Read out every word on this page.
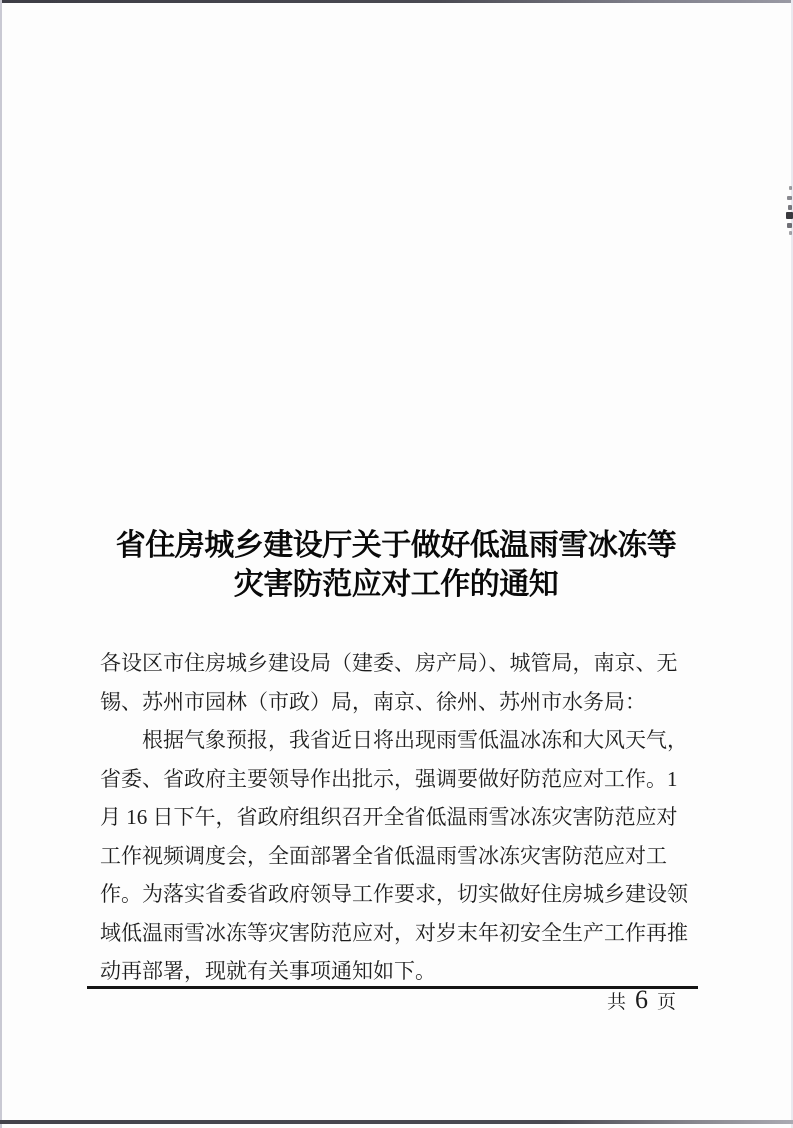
省住房城乡建设厅关于做好低温雨雪冰冻等
灾害防范应对工作的通知
各设区市住房城乡建设局（建委、房产局）、城管局，南京、无
锡、苏州市园林（市政）局，南京、徐州、苏州市水务局：
根据气象预报，我省近日将出现雨雪低温冰冻和大风天气，
省委、省政府主要领导作出批示，强调要做好防范应对工作。1
月 16 日下午，省政府组织召开全省低温雨雪冰冻灾害防范应对
工作视频调度会，全面部署全省低温雨雪冰冻灾害防范应对工
作。为落实省委省政府领导工作要求，切实做好住房城乡建设领
域低温雨雪冰冻等灾害防范应对，对岁末年初安全生产工作再推
动再部署，现就有关事项通知如下。
共 6 页
